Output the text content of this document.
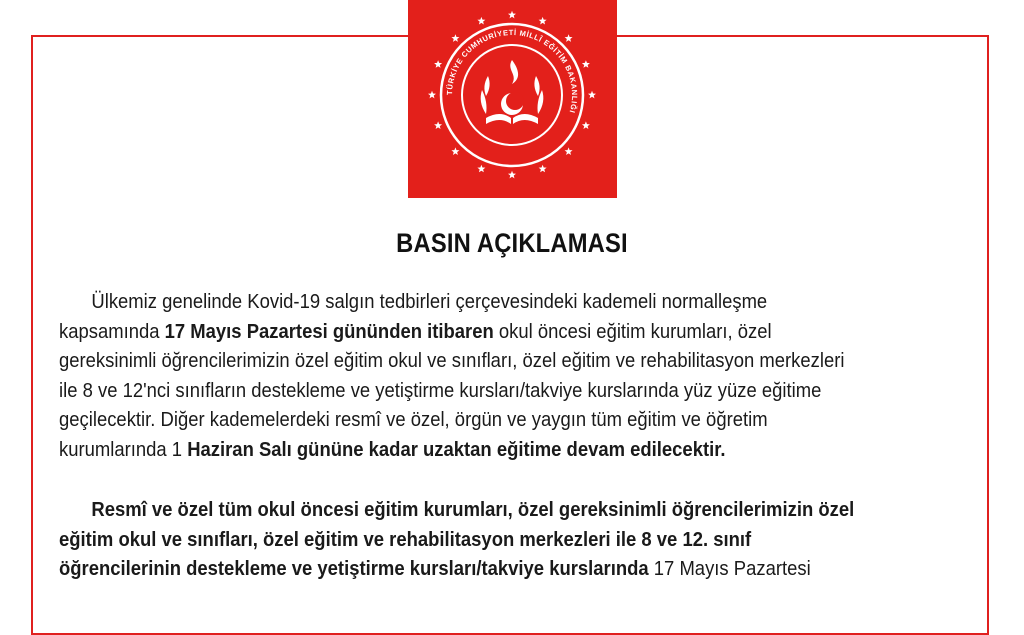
TÜRKİYE CUMHURİYETİ MİLLÎ EĞİTİM BAKANLIĞI
BASIN AÇIKLAMASI

Ülkemiz genelinde Kovid-19 salgın tedbirleri çerçevesindeki kademeli normalleşme

kapsamında 17 Mayıs Pazartesi gününden itibaren okul öncesi eğitim kurumları, özel

gereksinimli öğrencilerimizin özel eğitim okul ve sınıfları, özel eğitim ve rehabilitasyon merkezleri

ile 8 ve 12'nci sınıfların destekleme ve yetiştirme kursları/takviye kurslarında yüz yüze eğitime

geçilecektir. Diğer kademelerdeki resmî ve özel, örgün ve yaygın tüm eğitim ve öğretim

kurumlarında 1 Haziran Salı gününe kadar uzaktan eğitime devam edilecektir.

Resmî ve özel tüm okul öncesi eğitim kurumları, özel gereksinimli öğrencilerimizin özel

eğitim okul ve sınıfları, özel eğitim ve rehabilitasyon merkezleri ile 8 ve 12. sınıf

öğrencilerinin destekleme ve yetiştirme kursları/takviye kurslarında 17 Mayıs Pazartesi
